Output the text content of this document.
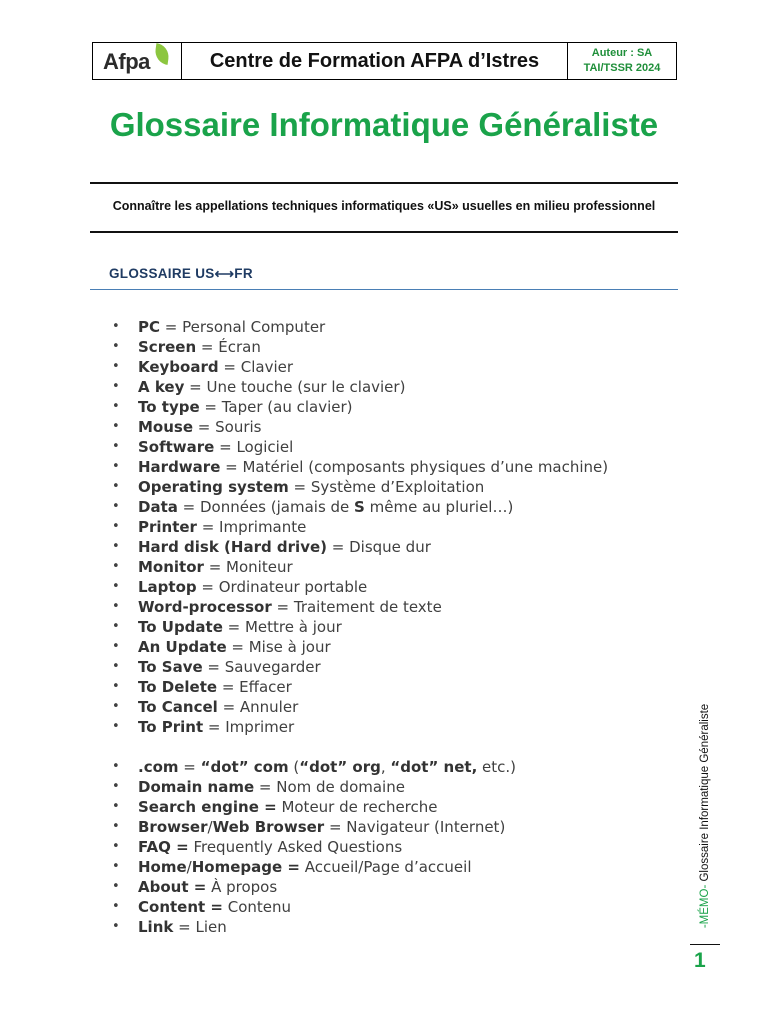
Afpa	Centre de Formation AFPA d’Istres	Auteur : SA
TAI/TSSR 2024
Glossaire Informatique Généraliste
Connaître les appellations techniques informatiques «US» usuelles en milieu professionnel
GLOSSAIRE US⟷FR
• PC = Personal Computer
• Screen = Écran
• Keyboard = Clavier
• A key = Une touche (sur le clavier)
• To type = Taper (au clavier)
• Mouse = Souris
• Software = Logiciel
• Hardware = Matériel (composants physiques d’une machine)
• Operating system = Système d’Exploitation
• Data = Données (jamais de S même au pluriel…)
• Printer = Imprimante
• Hard disk (Hard drive) = Disque dur
• Monitor = Moniteur
• Laptop = Ordinateur portable
• Word-processor = Traitement de texte
• To Update = Mettre à jour
• An Update = Mise à jour
• To Save = Sauvegarder
• To Delete = Effacer
• To Cancel = Annuler
• To Print = Imprimer
• .com = “dot” com (“dot” org, “dot” net, etc.)
• Domain name = Nom de domaine
• Search engine = Moteur de recherche
• Browser/Web Browser = Navigateur (Internet)
• FAQ = Frequently Asked Questions
• Home/Homepage = Accueil/Page d’accueil
• About = À propos
• Content = Contenu
• Link = Lien	-MÉMO- Glossaire Informatique Généraliste
1
